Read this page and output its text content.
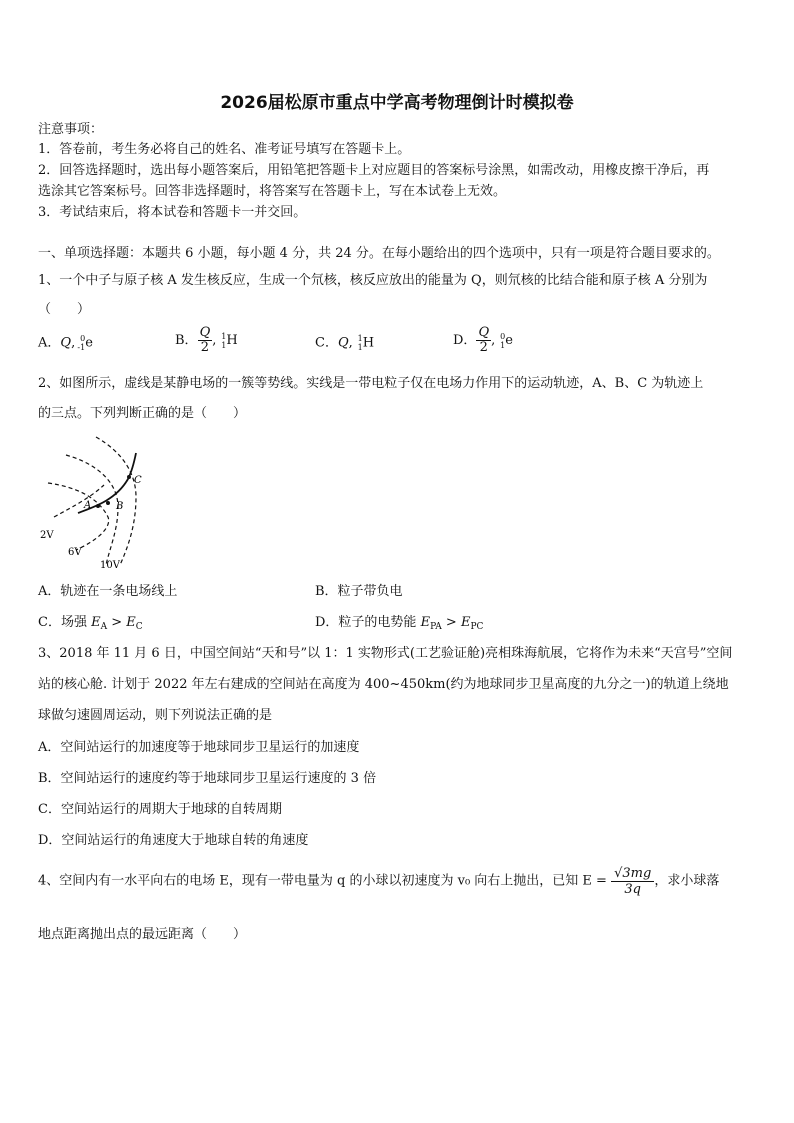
2026届松原市重点中学高考物理倒计时模拟卷
注意事项：
1．答卷前，考生务必将自己的姓名、准考证号填写在答题卡上。
2．回答选择题时，选出每小题答案后，用铅笔把答题卡上对应题目的答案标号涂黑，如需改动，用橡皮擦干净后，再
选涂其它答案标号。回答非选择题时，将答案写在答题卡上，写在本试卷上无效。
3．考试结束后，将本试卷和答题卡一并交回。
一、单项选择题：本题共 6 小题，每小题 4 分，共 24 分。在每小题给出的四个选项中，只有一项是符合题目要求的。
1、一个中子与原子核 A 发生核反应，生成一个氘核，核反应放出的能量为 Q，则氘核的比结合能和原子核 A 分别为
（　　）
A．Q, 0
-1 e	B． $\frac{Q}{2}$ , 1
1 H	C．Q, 1
1 H	D． $\frac{Q}{2}$ , 0
1 e
2、如图所示，虚线是某静电场的一簇等势线。实线是一带电粒子仅在电场力作用下的运动轨迹，A、B、C 为轨迹上
的三点。下列判断正确的是（　　）
A B
C
2V
6V
10V
A．轨迹在一条电场线上	B．粒子带负电
C．场强 $E_A > E_C$	D．粒子的电势能 $E_{PA} > E_{PC}$
3、2018 年 11 月 6 日，中国空间站“天和号”以 1：1 实物形式(工艺验证舱)亮相珠海航展，它将作为未来“天宫号”空间
站的核心舱. 计划于 2022 年左右建成的空间站在高度为 400~450km(约为地球同步卫星高度的九分之一)的轨道上绕地
球做匀速圆周运动，则下列说法正确的是
A．空间站运行的加速度等于地球同步卫星运行的加速度
B．空间站运行的速度约等于地球同步卫星运行速度的 3 倍
C．空间站运行的周期大于地球的自转周期
D．空间站运行的角速度大于地球自转的角速度
4、空间内有一水平向右的电场 E，现有一带电量为 q 的小球以初速度为 v₀ 向右上抛出，已知 $E = \frac{√3mg}{3q}$ ，求小球落
地点距离抛出点的最远距离（　　）
